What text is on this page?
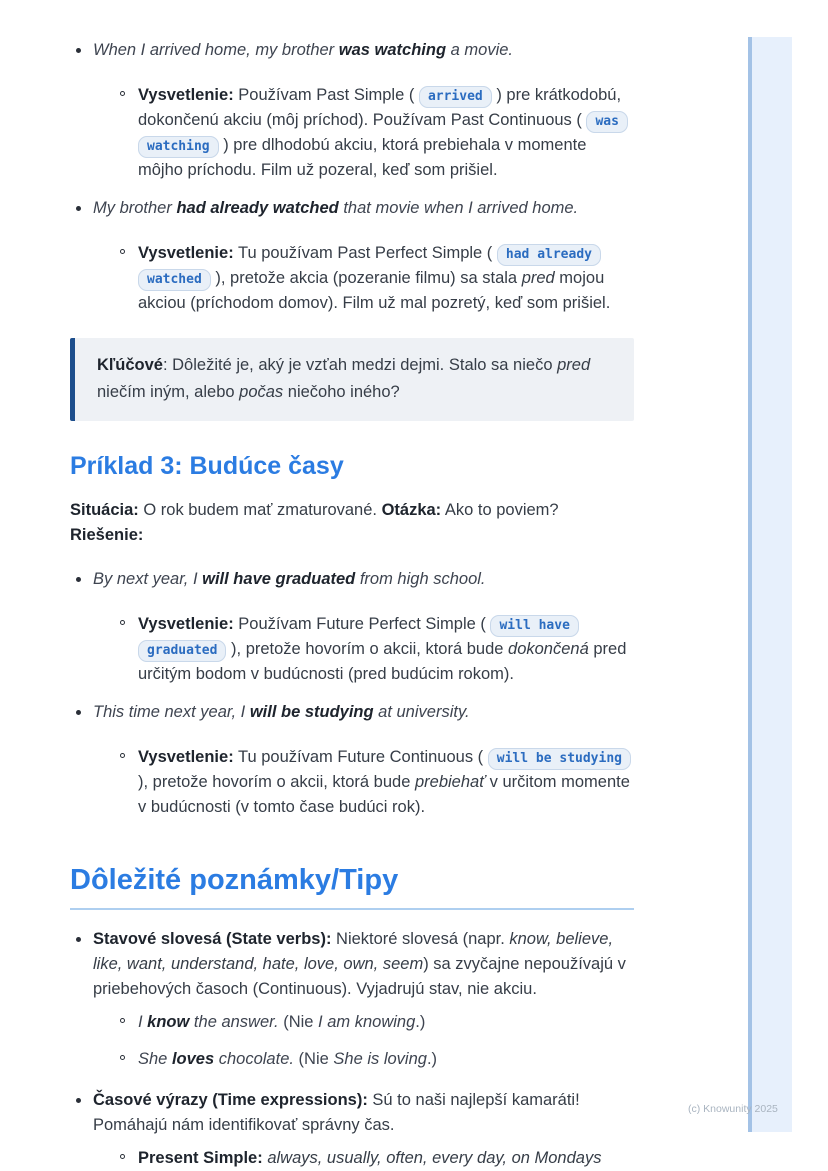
When I arrived home, my brother was watching a movie.
Vysvetlenie: Používam Past Simple ( arrived ) pre krátkodobú, dokončenú akciu (môj príchod). Používam Past Continuous ( was watching ) pre dlhodobú akciu, ktorá prebiehala v momente môjho príchodu. Film už pozeral, keď som prišiel.
My brother had already watched that movie when I arrived home.
Vysvetlenie: Tu používam Past Perfect Simple ( had already watched ), pretože akcia (pozeranie filmu) sa stala pred mojou akciou (príchodom domov). Film už mal pozretý, keď som prišiel.
Kľúčové: Dôležité je, aký je vzťah medzi dejmi. Stalo sa niečo pred niečím iným, alebo počas niečoho iného?
Príklad 3: Budúce časy

Situácia: O rok budem mať zmaturované. Otázka: Ako to poviem? Riešenie:

By next year, I will have graduated from high school.
Vysvetlenie: Používam Future Perfect Simple ( will have graduated ), pretože hovorím o akcii, ktorá bude dokončená pred určitým bodom v budúcnosti (pred budúcim rokom).
This time next year, I will be studying at university.
Vysvetlenie: Tu používam Future Continuous ( will be studying ), pretože hovorím o akcii, ktorá bude prebiehať v určitom momente v budúcnosti (v tomto čase budúci rok).
Dôležité poznámky/Tipy
Stavové slovesá (State verbs): Niektoré slovesá (napr. know, believe, like, want, understand, hate, love, own, seem) sa zvyčajne nepoužívajú v priebehových časoch (Continuous). Vyjadrujú stav, nie akciu.
I know the answer. (Nie I am knowing.)
She loves chocolate. (Nie She is loving.)
Časové výrazy (Time expressions): Sú to naši najlepší kamaráti! Pomáhajú nám identifikovať správny čas.
Present Simple: always, usually, often, every day, on Mondays
(c) Knowunity 2025
